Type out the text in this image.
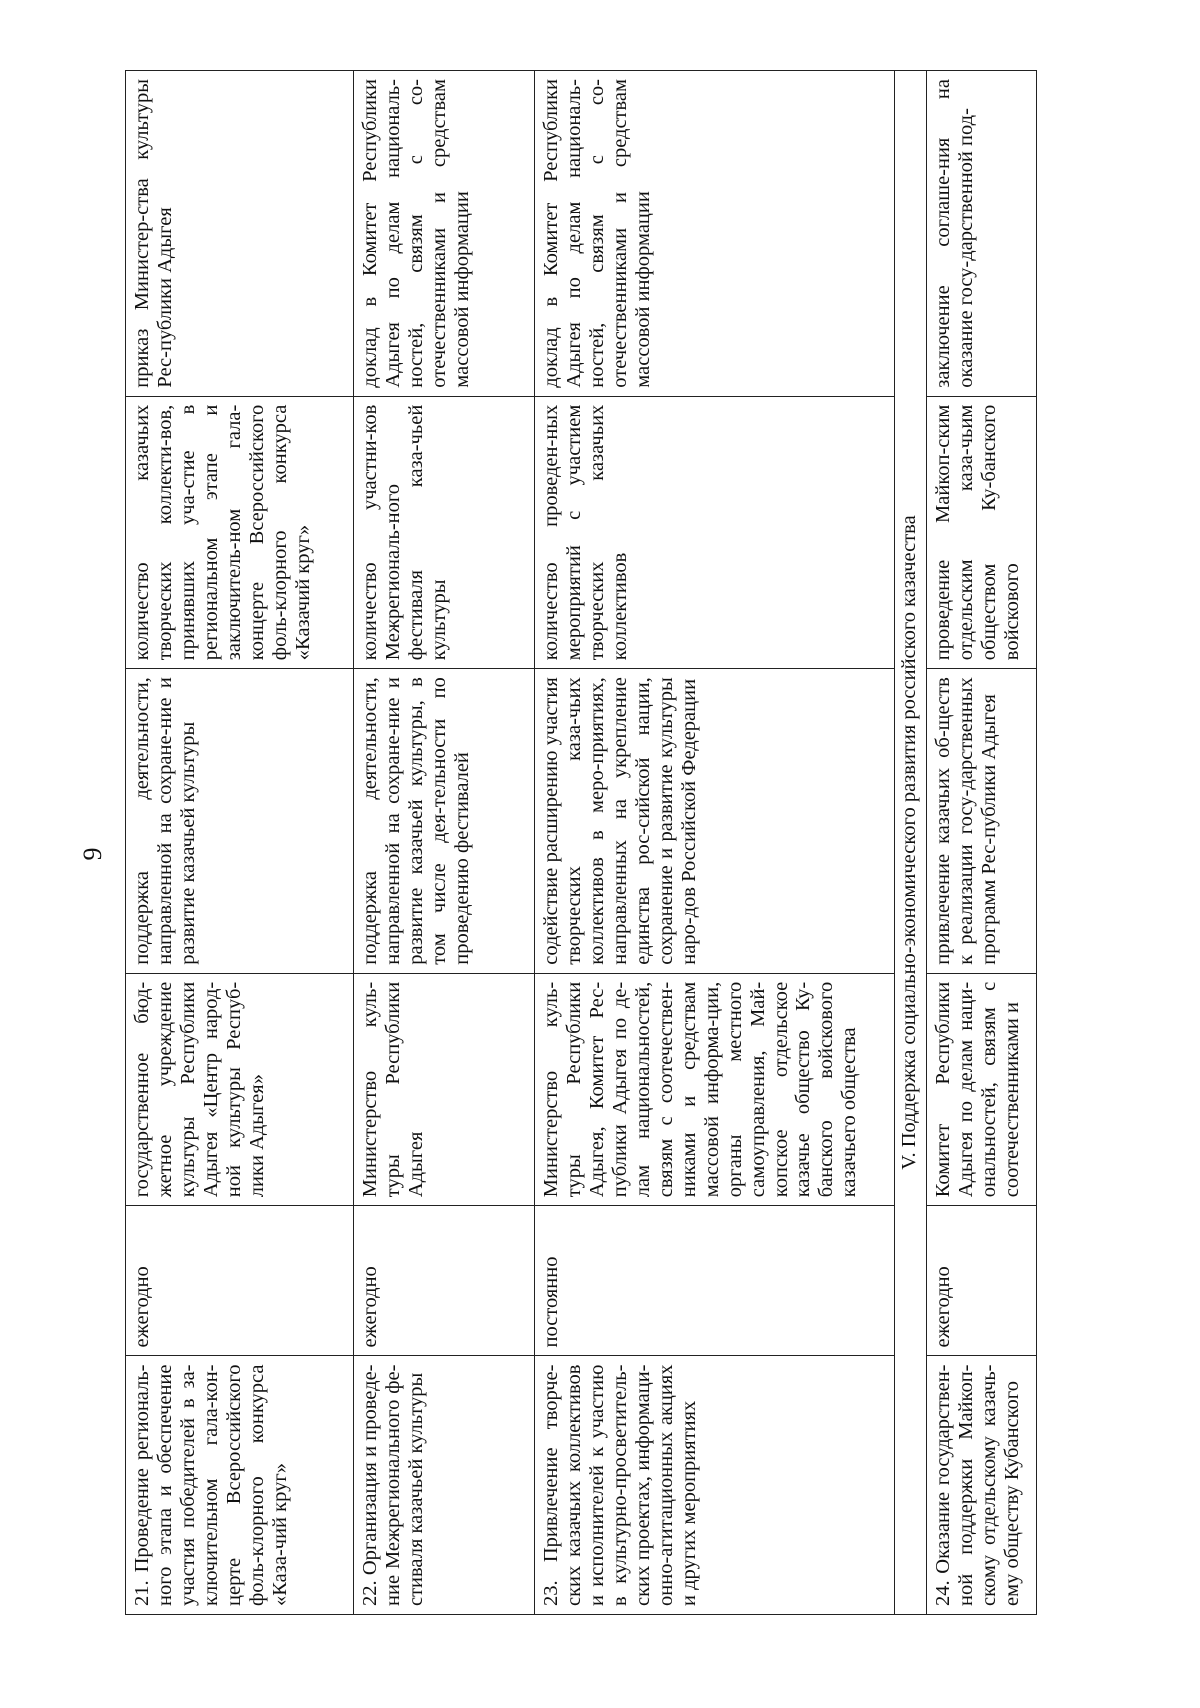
9
21. Проведение региональ-ного этапа и обеспечение участия победителей в за-ключительном гала-кон-церте Всероссийского фоль-клорного конкурса «Каза-чий круг»	ежегодно	государственное бюд-жетное учреждение культуры Республики Адыгея «Центр народ-ной культуры Респуб-лики Адыгея»	поддержка деятельности, направленной на сохране-ние и развитие казачьей культуры	количество казачьих творческих коллекти-вов, принявших уча-стие в региональном этапе и заключитель-ном гала-концерте Всероссийского фоль-клорного конкурса «Казачий круг»	приказ Министер-ства культуры Рес-публики Адыгея
22. Организация и проведе-ние Межрегионального фе-стиваля казачьей культуры	ежегодно	Министерство куль-туры Республики Адыгея	поддержка деятельности, направленной на сохране-ние и развитие казачьей культуры, в том числе дея-тельности по проведению фестивалей	количество участни-ков Межрегиональ-ного фестиваля каза-чьей культуры	доклад в Комитет Республики Адыгея по делам националь-ностей, связям с со-отечественниками и средствам массовой информации
23. Привлечение творче-ских казачьих коллективов и исполнителей к участию в культурно-просветитель-ских проектах, информаци-онно-агитационных акциях и других мероприятиях	постоянно	Министерство куль-туры Республики Адыгея, Комитет Рес-публики Адыгея по де-лам национальностей, связям с соотечествен-никами и средствам массовой информа-ции, органы местного самоуправления, Май-копское отдельское казачье общество Ку-банского войскового казачьего общества	содействие расширению участия творческих каза-чьих коллективов в меро-приятиях, направленных на укрепление единства рос-сийской нации, сохранение и развитие культуры наро-дов Российской Федерации	количество проведен-ных мероприятий с участием творческих казачьих коллективов	доклад в Комитет Республики Адыгея по делам националь-ностей, связям с со-отечественниками и средствам массовой информации
V. Поддержка социально-экономического развития российского казачества					
24. Оказание государствен-ной поддержки Майкоп-скому отдельскому казачь-ему обществу Кубанского	ежегодно	Комитет Республики Адыгея по делам наци-ональностей, связям с соотечественниками и	привлечение казачьих об-ществ к реализации госу-дарственных программ Рес-публики Адыгея	проведение Майкоп-ским отдельским каза-чьим обществом Ку-банского войскового	заключение соглаше-ния на оказание госу-дарственной под-
